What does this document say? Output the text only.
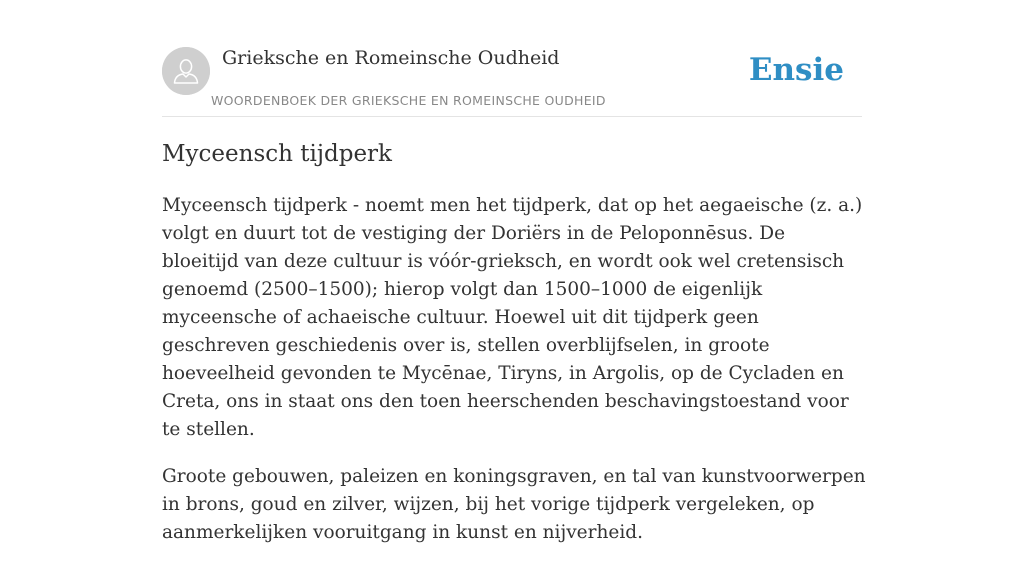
Grieksche en Romeinsche Oudheid
WOORDENBOEK DER GRIEKSCHE EN ROMEINSCHE OUDHEID
Ensie
Myceensch tijdperk

Myceensch tijdperk - noemt men het tijdperk, dat op het aegaeische (z. a.) volgt en duurt tot de vestiging der Doriërs in de Peloponnēsus. De bloeitijd van deze cultuur is vóór-grieksch, en wordt ook wel cretensisch genoemd (2500–1500); hierop volgt dan 1500–1000 de eigenlijk myceensche of achaeische cultuur. Hoewel uit dit tijdperk geen geschreven geschiedenis over is, stellen overblijfselen, in groote hoeveelheid gevonden te Mycēnae, Tiryns, in Argolis, op de Cycladen en Creta, ons in staat ons den toen heerschenden beschavingstoestand voor te stellen.

Groote gebouwen, paleizen en koningsgraven, en tal van kunstvoorwerpen in brons, goud en zilver, wijzen, bij het vorige tijdperk vergeleken, op aanmerkelijken vooruitgang in kunst en nijverheid.
